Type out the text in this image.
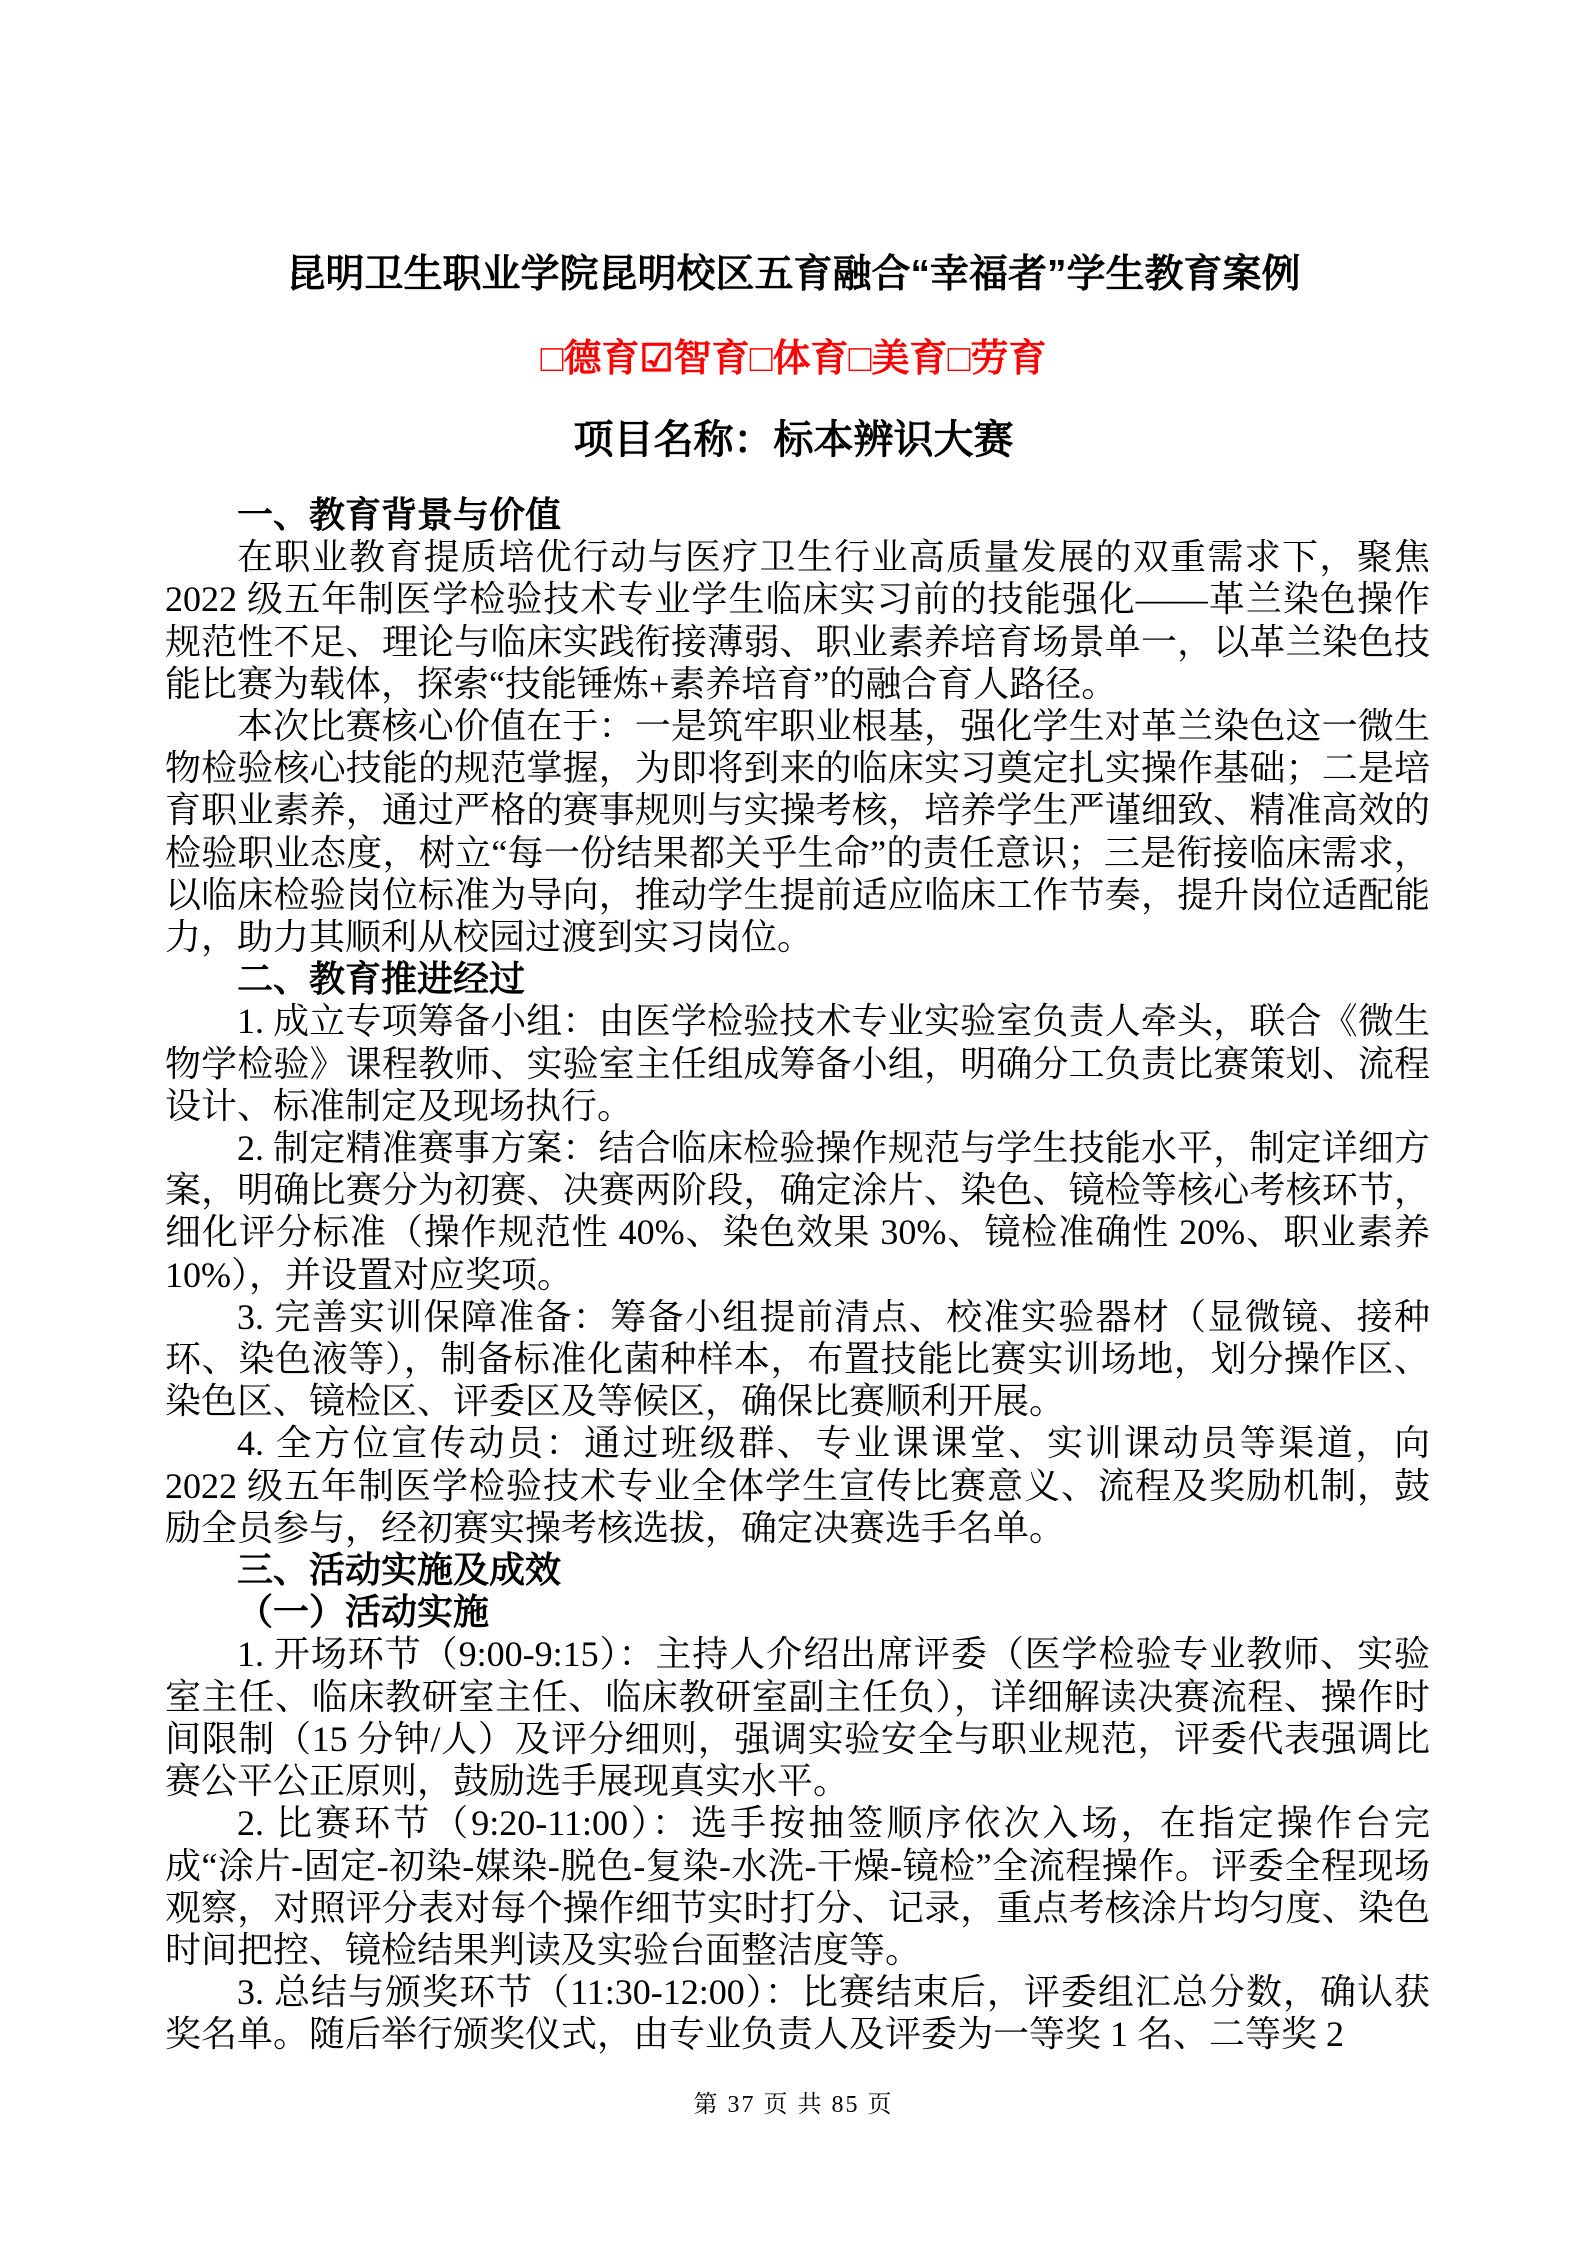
昆明卫生职业学院昆明校区五育融合“幸福者”学生教育案例
□德育☑智育□体育□美育□劳育
项目名称：标本辨识大赛

一、教育背景与价值

在职业教育提质培优行动与医疗卫生行业高质量发展的双重需求下，聚焦 2022 级五年制医学检验技术专业学生临床实习前的技能强化——革兰染色操作规范性不足、理论与临床实践衔接薄弱、职业素养培育场景单一，以革兰染色技能比赛为载体，探索“技能锤炼+素养培育”的融合育人路径。

本次比赛核心价值在于：一是筑牢职业根基，强化学生对革兰染色这一微生物检验核心技能的规范掌握，为即将到来的临床实习奠定扎实操作基础；二是培育职业素养，通过严格的赛事规则与实操考核，培养学生严谨细致、精准高效的检验职业态度，树立“每一份结果都关乎生命”的责任意识；三是衔接临床需求，以临床检验岗位标准为导向，推动学生提前适应临床工作节奏，提升岗位适配能力，助力其顺利从校园过渡到实习岗位。

二、教育推进经过

1. 成立专项筹备小组：由医学检验技术专业实验室负责人牵头，联合《微生物学检验》课程教师、实验室主任组成筹备小组，明确分工负责比赛策划、流程设计、标准制定及现场执行。

2. 制定精准赛事方案：结合临床检验操作规范与学生技能水平，制定详细方案，明确比赛分为初赛、决赛两阶段，确定涂片、染色、镜检等核心考核环节，细化评分标准（操作规范性 40%、染色效果 30%、镜检准确性 20%、职业素养 10%），并设置对应奖项。

3. 完善实训保障准备：筹备小组提前清点、校准实验器材（显微镜、接种环、染色液等），制备标准化菌种样本，布置技能比赛实训场地，划分操作区、染色区、镜检区、评委区及等候区，确保比赛顺利开展。

4. 全方位宣传动员：通过班级群、专业课课堂、实训课动员等渠道，向 2022 级五年制医学检验技术专业全体学生宣传比赛意义、流程及奖励机制，鼓励全员参与，经初赛实操考核选拔，确定决赛选手名单。

三、活动实施及成效

（一）活动实施

1. 开场环节（9:00-9:15）：主持人介绍出席评委（医学检验专业教师、实验室主任、临床教研室主任、临床教研室副主任负），详细解读决赛流程、操作时间限制（15 分钟/人）及评分细则，强调实验安全与职业规范，评委代表强调比赛公平公正原则，鼓励选手展现真实水平。

2. 比赛环节（9:20-11:00）：选手按抽签顺序依次入场，在指定操作台完成“涂片-固定-初染-媒染-脱色-复染-水洗-干燥-镜检”全流程操作。评委全程现场观察，对照评分表对每个操作细节实时打分、记录，重点考核涂片均匀度、染色时间把控、镜检结果判读及实验台面整洁度等。

3. 总结与颁奖环节（11:30-12:00）：比赛结束后，评委组汇总分数，确认获奖名单。随后举行颁奖仪式，由专业负责人及评委为一等奖 1 名、二等奖 2

第 37 页 共 85 页
